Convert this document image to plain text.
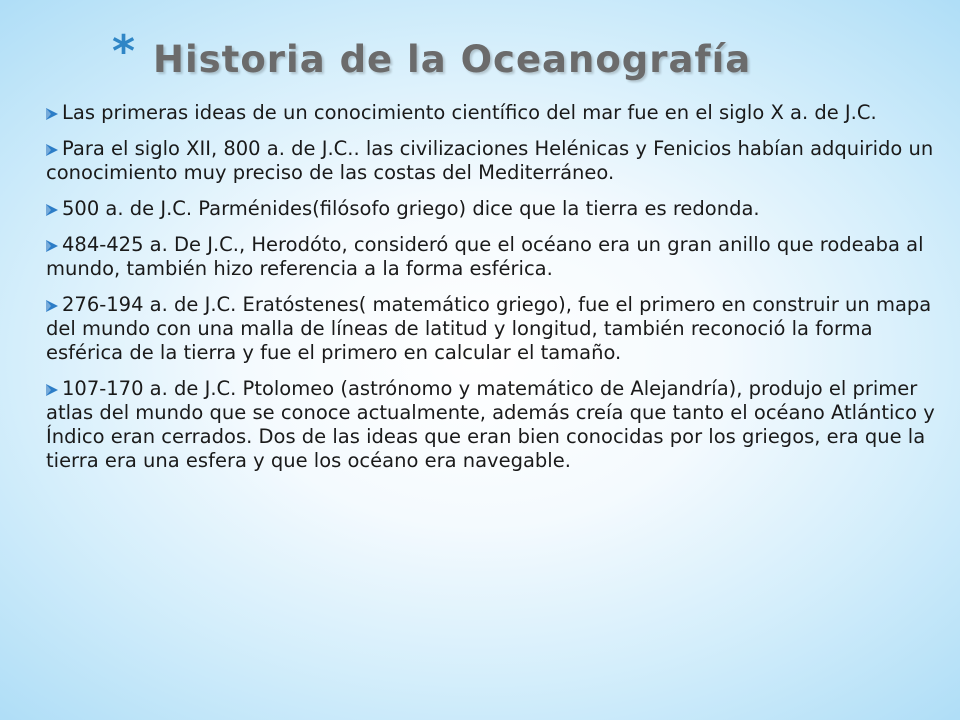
* Historia de la Oceanografía
Las primeras ideas de un conocimiento científico del mar fue en el siglo X a. de J.C.
Para el siglo XII, 800 a. de J.C.. las civilizaciones Helénicas y Fenicios habían adquirido un conocimiento muy preciso de las costas del Mediterráneo.
500 a. de J.C. Parménides(filósofo griego) dice que la tierra es redonda.
484-425 a. De J.C., Herodóto, consideró que el océano era un gran anillo que rodeaba al mundo, también hizo referencia a la forma esférica.
276-194 a. de J.C. Eratóstenes( matemático griego), fue el primero en construir un mapa del mundo con una malla de líneas de latitud y longitud, también reconoció la forma esférica de la tierra y fue el primero en calcular el tamaño.
107-170 a. de J.C. Ptolomeo (astrónomo y matemático de Alejandría), produjo el primer atlas del mundo que se conoce actualmente, además creía que tanto el océano Atlántico y Índico eran cerrados. Dos de las ideas que eran bien conocidas por los griegos, era que la tierra era una esfera y que los océano era navegable.
